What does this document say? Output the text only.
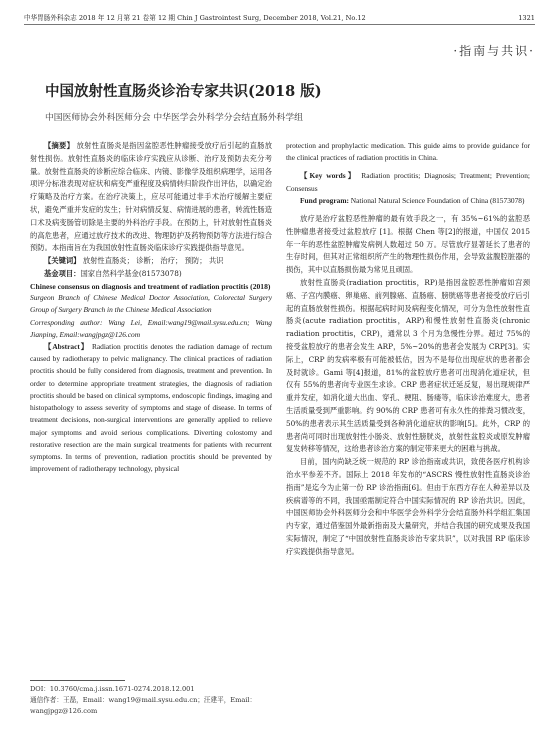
中华胃肠外科杂志 2018 年 12 月第 21 卷第 12 期 Chin J Gastrointest Surg, December 2018, Vol.21, No.12	1321
·指南与共识·
中国放射性直肠炎诊治专家共识(2018 版)
中国医师协会外科医师分会 中华医学会外科学分会结直肠外科学组

【摘要】 放射性直肠炎是指因盆腔恶性肿瘤接受放疗后引起的直肠放射性损伤。放射性直肠炎的临床诊疗实践应从诊断、治疗及预防去充分考量。放射性直肠炎的诊断应综合临床、内镜、影像学及组织病理学，运用各项评分标准表现对症状和病变严重程度及病情转归阶段作出评估，以确定治疗策略及治疗方案。在治疗决策上，应尽可能通过非手术治疗缓解主要症状，避免严重并发症的发生；针对病情反复、病情进展的患者，转流性肠造口术及病变肠管切除是主要的外科治疗手段。在预防上，针对放射性直肠炎的高危患者，应通过放疗技术的改进、物理防护及药物预防等方法进行综合预防。本指南旨在为我国放射性直肠炎临床诊疗实践提供指导意见。

【关键词】 放射性直肠炎； 诊断； 治疗； 预防； 共识

基金项目：国家自然科学基金(81573078)

Chinese consensus on diagnosis and treatment of radiation proctitis (2018)

Surgeon Branch of Chinese Medical Doctor Association, Colorectal Surgery Group of Surgery Branch in the Chinese Medical Association

Corresponding author: Wang Lei, Email:wang19@mail.sysu.edu.cn; Wang Jianping, Email:wangjpgz@126.com

【Abstract】 Radiation proctitis denotes the radiation damage of rectum caused by radiotherapy to pelvic malignancy. The clinical practices of radiation proctitis should be fully considered from diagnosis, treatment and prevention. In order to determine appropriate treatment strategies, the diagnosis of radiation proctitis should be based on clinical symptoms, endoscopic findings, imaging and histopathology to assess severity of symptoms and stage of disease. In terms of treatment decisions, non-surgical interventions are generally applied to relieve major symptoms and avoid serious complications. Diverting colostomy and restorative resection are the main surgical treatments for patients with recurrent symptoms. In terms of prevention, radiation proctitis should be prevented by improvement of radiotherapy technology, physical

protection and prophylactic medication. This guide aims to provide guidance for the clinical practices of radiation proctitis in China.

【Key words】 Radiation proctitis; Diagnosis; Treatment; Prevention; Consensus

Fund program: National Natural Science Foundation of China (81573078)

放疗是治疗盆腔恶性肿瘤的最有效手段之一，有 35%~61%的盆腔恶性肿瘤患者接受过盆腔放疗 [1]。根据 Chen 等[2]的报道，中国仅 2015 年一年的恶性盆腔肿瘤发病例人数超过 50 万。尽管放疗显著延长了患者的生存时间，但其对正常组织所产生的物理性损伤作用，会导致盆腹腔脏器的损伤，其中以直肠损伤最为常见且顽固。

放射性直肠炎(radiation proctitis，RP)是指因盆腔恶性肿瘤如宫颈癌、子宫内膜癌、卵巢癌、前列腺癌、直肠癌、膀胱癌等患者接受放疗后引起的直肠放射性损伤。根据起病时间及病程变化情况，可分为急性放射性直肠炎(acute radiation proctitis，ARP)和慢性放射性直肠炎(chronic radiation proctitis，CRP)，通常以 3 个月为急慢性分界。超过 75%的接受盆腔放疗的患者会发生 ARP，5%~20%的患者会发展为 CRP[3]。实际上，CRP 的发病率极有可能被低估，因为不是每位出现症状的患者都会及时就诊。Gami 等[4]报道，81%的盆腔放疗患者可出现消化道症状，但仅有 55%的患者向专业医生求诊。CRP 患者症状迁延反复，易出现规律严重并发症，如消化道大出血、穿孔、梗阻、肠瘘等，临床诊治难度大，患者生活质量受到严重影响。约 90%的 CRP 患者可有永久性的排粪习惯改变，50%的患者表示其生活质量受到各种消化道症状的影响[5]。此外，CRP 的患者尚可同时出现放射性小肠炎、放射性膀胱炎，放射性盆腔炎或原发肿瘤复发转移等情况，这给患者诊治方案的制定带来更大的困难与挑战。

目前，国内尚缺乏统一规范的 RP 诊治指南或共识，致使各医疗机构诊治水平参差不齐。国际上 2018 年发布的“ASCRS 慢性放射性直肠炎诊治指南”是迄今为止第一份 RP 诊治指南[6]。但由于东西方存在人种差异以及疾病谱等的不同，我国亟需制定符合中国实际情况的 RP 诊治共识。因此，中国医师协会外科医师分会和中华医学会外科学分会结直肠外科学组汇集国内专家，通过借鉴国外最新指南及大量研究，并结合我国的研究成果及我国实际情况，制定了“中国放射性直肠炎诊治专家共识”，以对我国 RP 临床诊疗实践提供指导意见。

DOI：10.3760/cma.j.issn.1671-0274.2018.12.001
通信作者：王磊，Email：wang19@mail.sysu.edu.cn；汪建平，Email：wangjpgz@126.com
